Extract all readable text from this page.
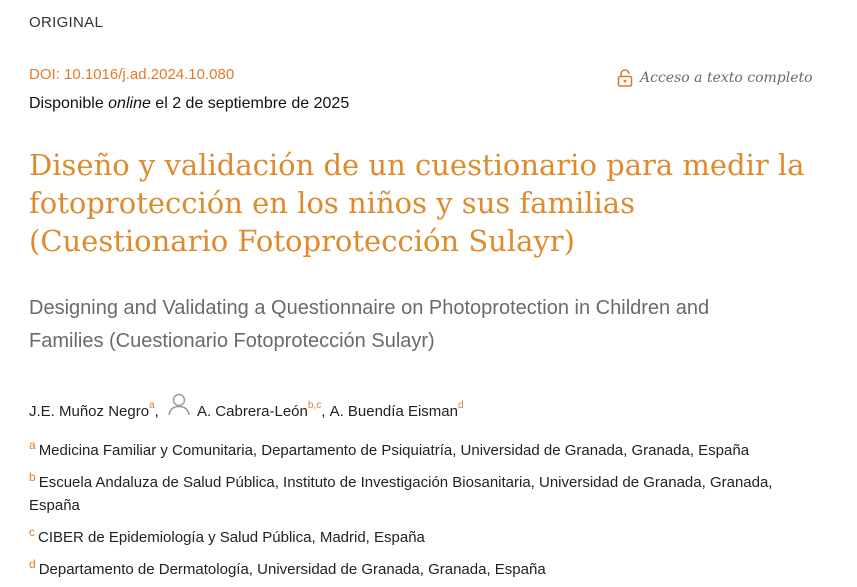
ORIGINAL
DOI: 10.1016/j.ad.2024.10.080	Acceso a texto completo
Disponible online el 2 de septiembre de 2025
Diseño y validación de un cuestionario para medir la fotoprotección en los niños y sus familias (Cuestionario Fotoprotección Sulayr)
Designing and Validating a Questionnaire on Photoprotection in Children and Families (Cuestionario Fotoprotección Sulayr)
J.E. Muñoz Negro$^a$,	A. Cabrera-León$^{b,c}$, A. Buendía Eisman$^d$

$^a$ Medicina Familiar y Comunitaria, Departamento de Psiquiatría, Universidad de Granada, Granada, España

$^b$ Escuela Andaluza de Salud Pública, Instituto de Investigación Biosanitaria, Universidad de Granada, Granada, España

$^c$ CIBER de Epidemiología y Salud Pública, Madrid, España

$^d$ Departamento de Dermatología, Universidad de Granada, Granada, España
